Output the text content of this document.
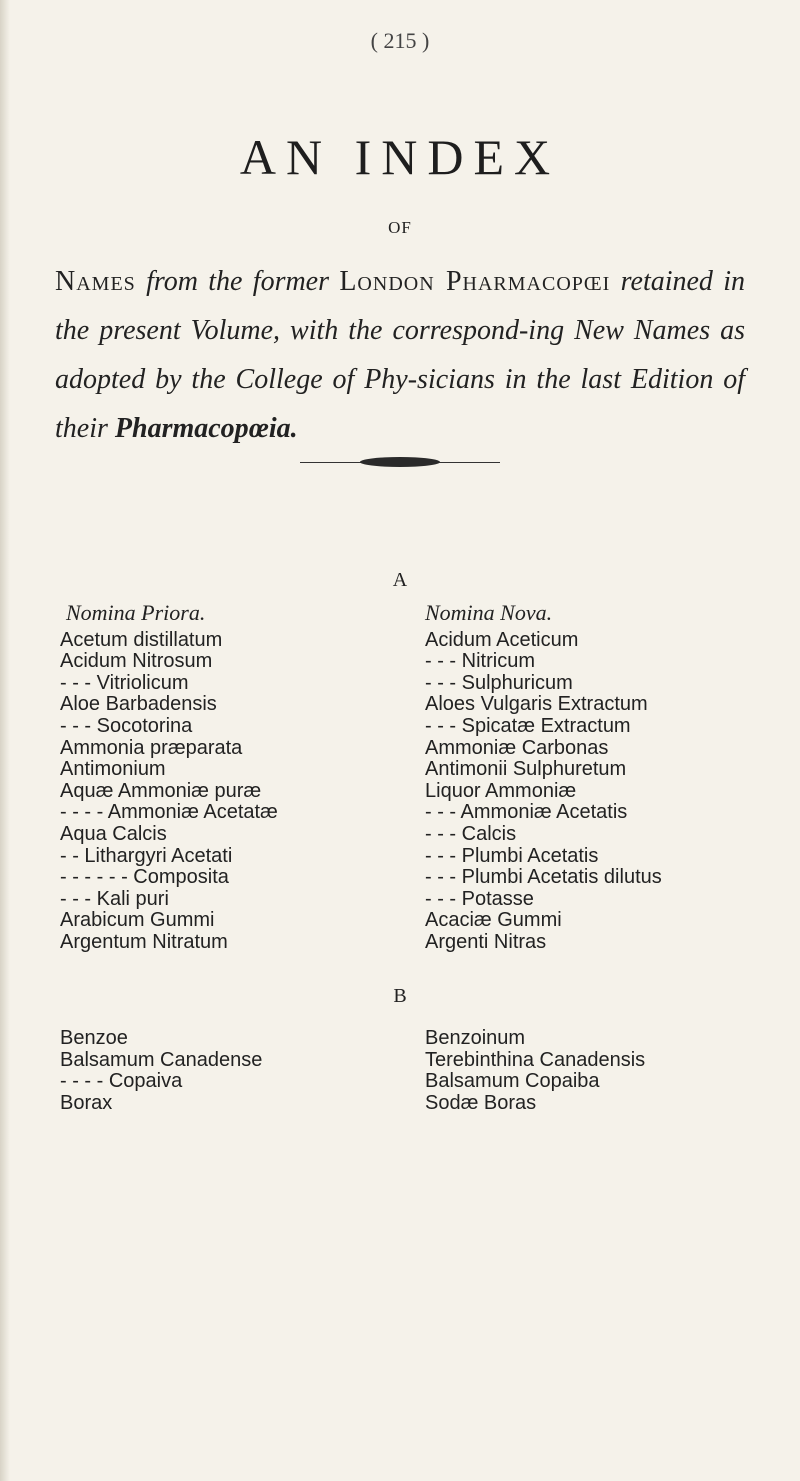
( 215 )
AN INDEX
OF
Names from the former London Pharmacopœi retained in the present Volume, with the correspond-ing New Names as adopted by the College of Phy-sicians in the last Edition of their Pharmacopœia.
A
Nomina Priora.
Acetum distillatum
Acidum Nitrosum
- - - Vitriolicum
Aloe Barbadensis
- - - Socotorina
Ammonia præparata
Antimonium
Aquæ Ammoniæ puræ
- - - - Ammoniæ Acetatæ
Aqua Calcis
- - Lithargyri Acetati
- - - - - - Composita
- - - Kali puri
Arabicum Gummi
Argentum Nitratum
Nomina Nova.
Acidum Aceticum
- - - Nitricum
- - - Sulphuricum
Aloes Vulgaris Extractum
- - - Spicatæ Extractum
Ammoniæ Carbonas
Antimonii Sulphuretum
Liquor Ammoniæ
- - - Ammoniæ Acetatis
- - - Calcis
- - - Plumbi Acetatis
- - - Plumbi Acetatis dilutus
- - - Potasse
Acaciæ Gummi
Argenti Nitras
B
Benzoe
Balsamum Canadense
- - - - Copaiva
Borax
Benzoinum
Terebinthina Canadensis
Balsamum Copaiba
Sodæ Boras
